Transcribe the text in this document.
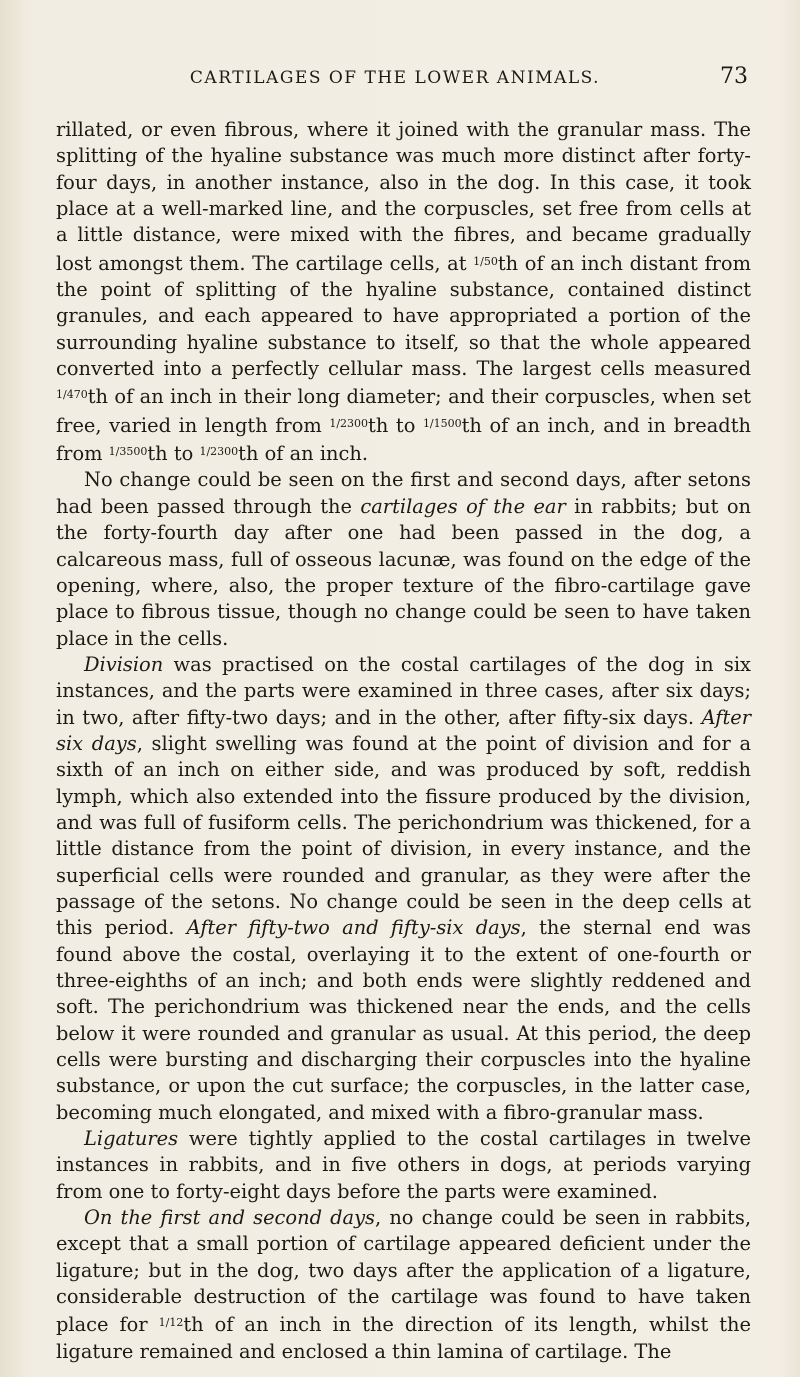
CARTILAGES OF THE LOWER ANIMALS.	73

rillated, or even fibrous, where it joined with the granular mass. The splitting of the hyaline substance was much more distinct after forty-four days, in another instance, also in the dog. In this case, it took place at a well-marked line, and the corpuscles, set free from cells at a little distance, were mixed with the fibres, and became gradually lost amongst them. The cartilage cells, at $^{1/50}$th of an inch distant from the point of splitting of the hyaline substance, contained distinct granules, and each appeared to have appropriated a portion of the surrounding hyaline substance to itself, so that the whole appeared converted into a perfectly cellular mass. The largest cells measured $^{1/470}$th of an inch in their long diameter; and their corpuscles, when set free, varied in length from $^{1/2300}$th to $^{1/1500}$th of an inch, and in breadth from $^{1/3500}$th to $^{1/2300}$th of an inch.

No change could be seen on the first and second days, after setons had been passed through the cartilages of the ear in rabbits; but on the forty-fourth day after one had been passed in the dog, a calcareous mass, full of osseous lacunæ, was found on the edge of the opening, where, also, the proper texture of the fibro-cartilage gave place to fibrous tissue, though no change could be seen to have taken place in the cells.

Division was practised on the costal cartilages of the dog in six instances, and the parts were examined in three cases, after six days; in two, after fifty-two days; and in the other, after fifty-six days. After six days, slight swelling was found at the point of division and for a sixth of an inch on either side, and was produced by soft, reddish lymph, which also extended into the fissure produced by the division, and was full of fusiform cells. The perichondrium was thickened, for a little distance from the point of division, in every instance, and the superficial cells were rounded and granular, as they were after the passage of the setons. No change could be seen in the deep cells at this period. After fifty-two and fifty-six days, the sternal end was found above the costal, overlaying it to the extent of one-fourth or three-eighths of an inch; and both ends were slightly reddened and soft. The perichondrium was thickened near the ends, and the cells below it were rounded and granular as usual. At this period, the deep cells were bursting and discharging their corpuscles into the hyaline substance, or upon the cut surface; the corpuscles, in the latter case, becoming much elongated, and mixed with a fibro-granular mass.

Ligatures were tightly applied to the costal cartilages in twelve instances in rabbits, and in five others in dogs, at periods varying from one to forty-eight days before the parts were examined.

On the first and second days, no change could be seen in rabbits, except that a small portion of cartilage appeared deficient under the ligature; but in the dog, two days after the application of a ligature, considerable destruction of the cartilage was found to have taken place for $^{1/12}$th of an inch in the direction of its length, whilst the ligature remained and enclosed a thin lamina of cartilage. The
